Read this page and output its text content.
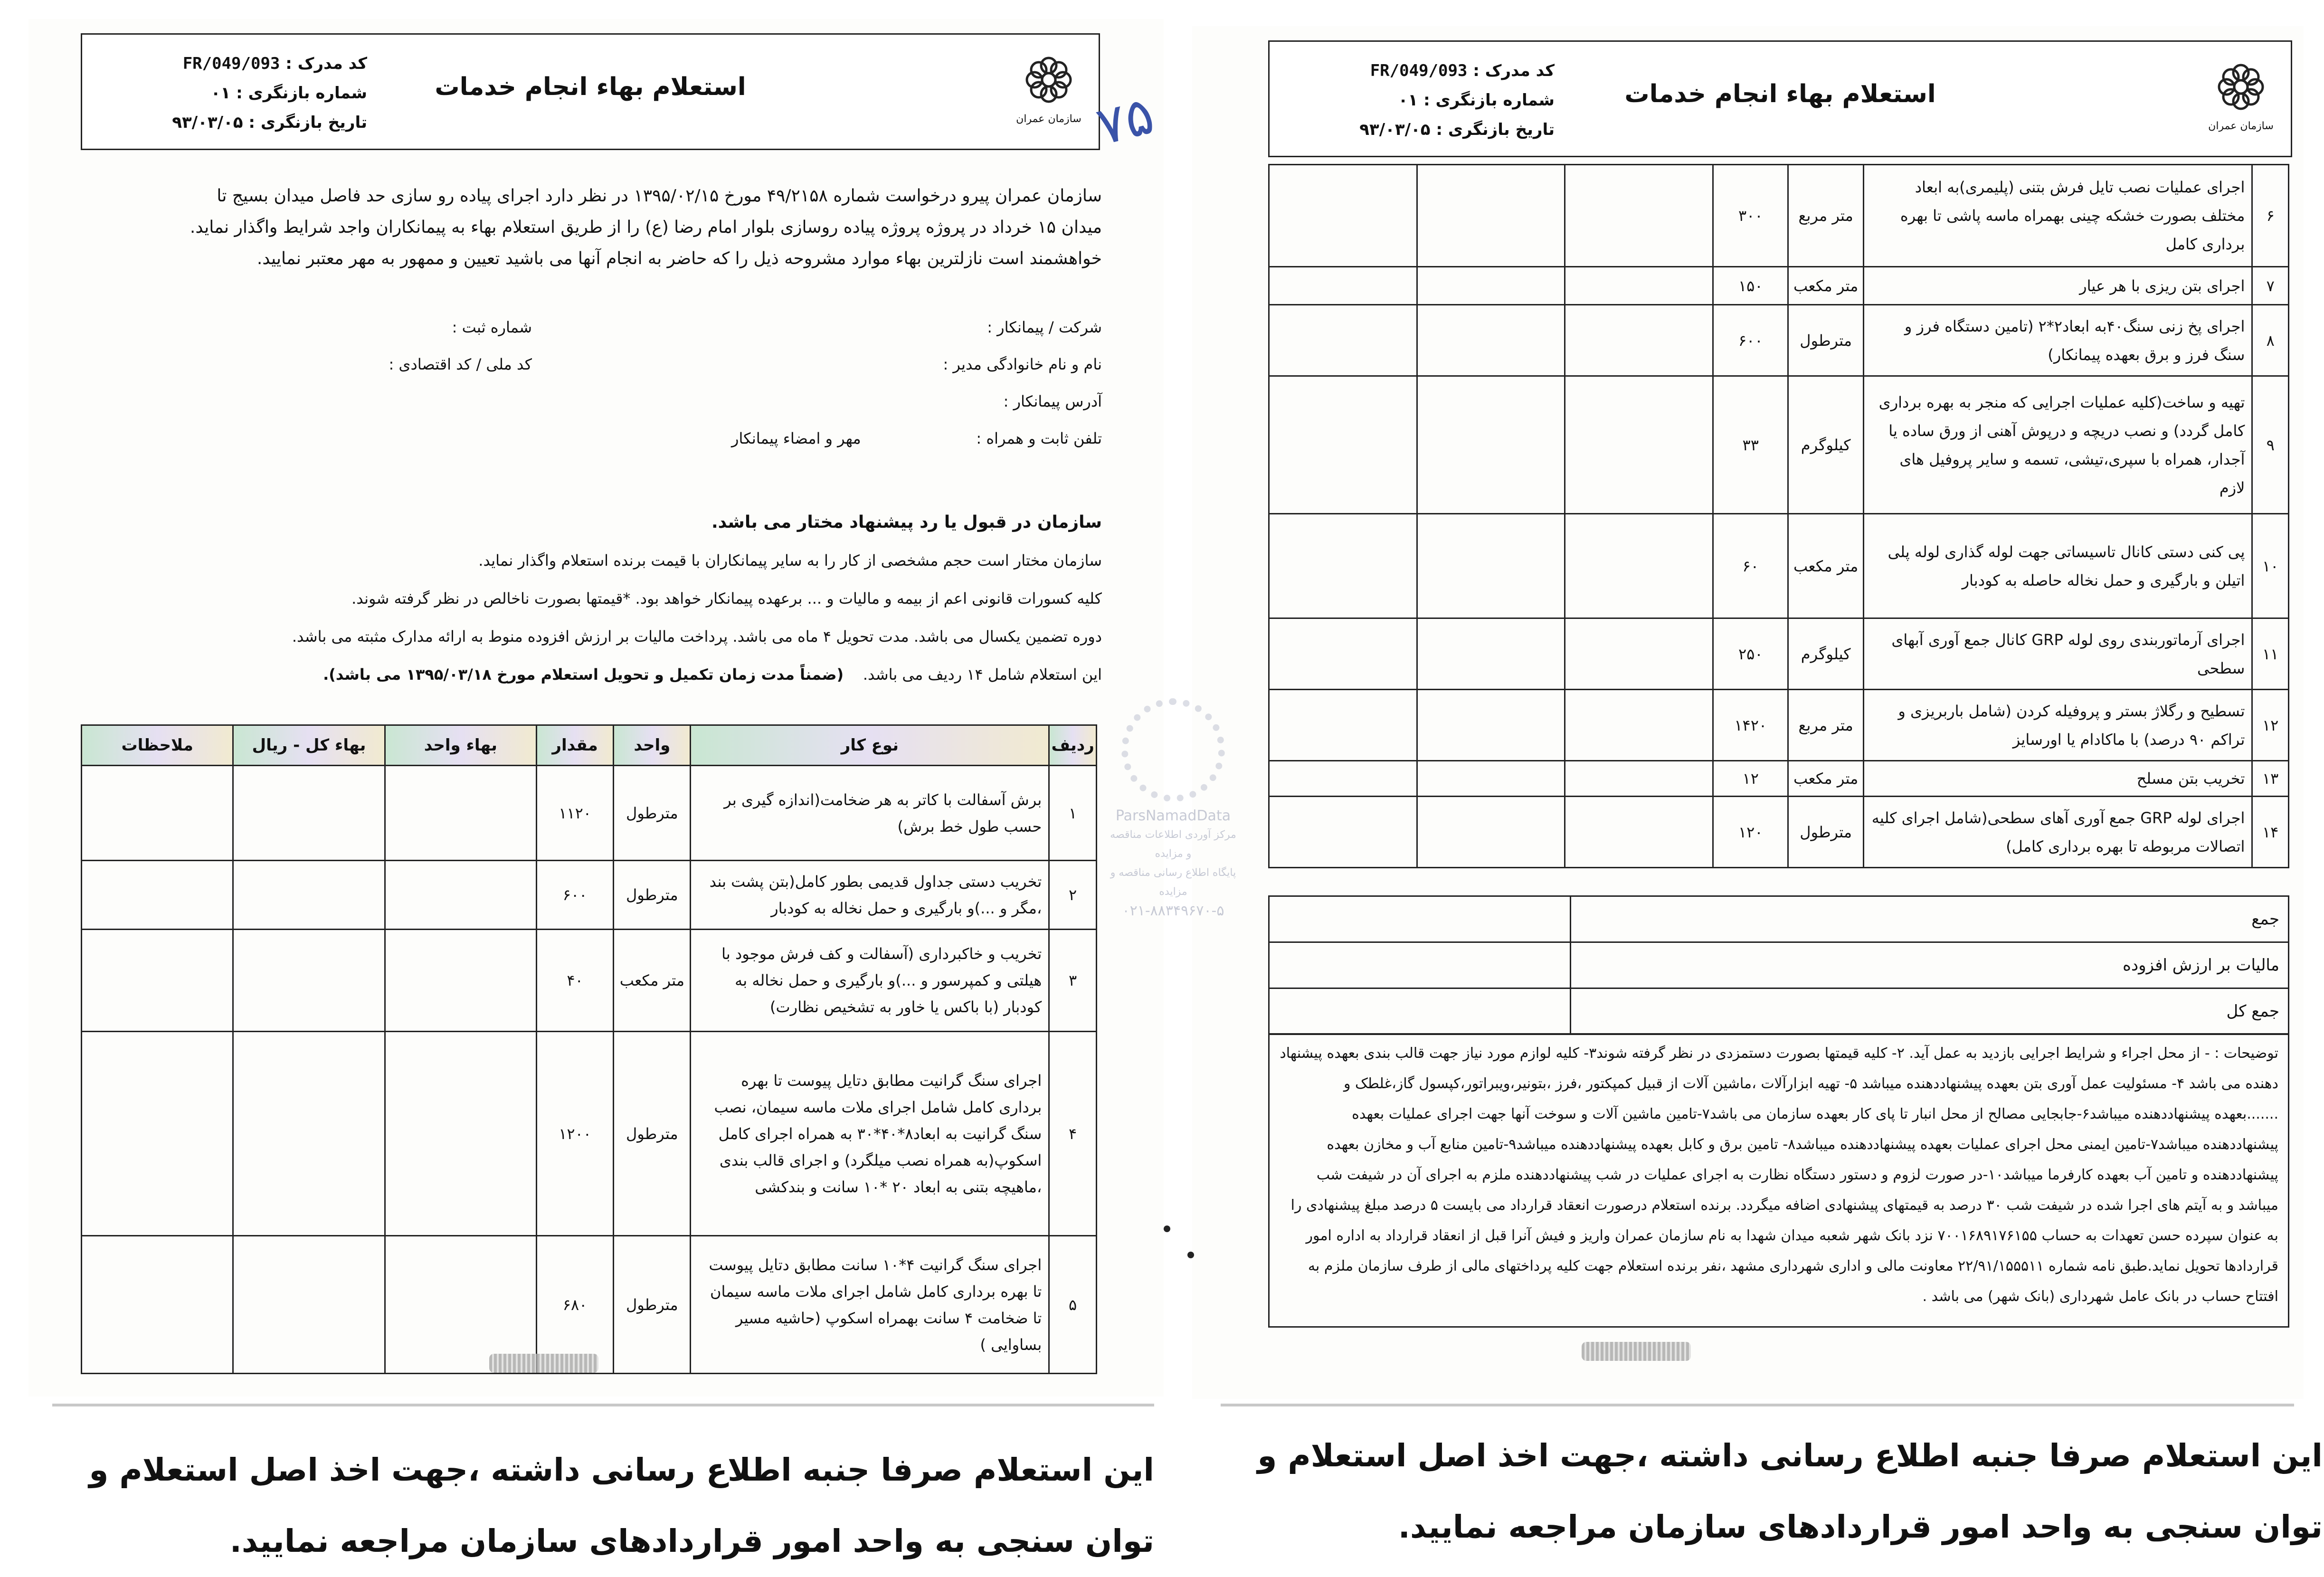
سازمان عمران
استعلام بهاء انجام خدمات
کد مدرک : FR/049/093
شماره بازنگری : ۰۱
تاریخ بازنگری : ۹۳/۰۳/۰۵	۷۵
سازمان عمران پیرو درخواست شماره ۴۹/۲۱۵۸ مورخ ۱۳۹۵/۰۲/۱۵ در نظر دارد اجرای پیاده رو سازی حد فاصل میدان بسیج تا
میدان ۱۵ خرداد در پروژه پروژه پیاده روسازی بلوار امام رضا (ع) را از طریق استعلام بهاء به پیمانکاران واجد شرایط واگذار نماید.
خواهشمند است نازلترین بهاء موارد مشروحه ذیل را که حاضر به انجام آنها می باشید تعیین و ممهور به مهر معتبر نمایید.
شرکت / پیمانکار :
شماره ثبت :
نام و نام خانوادگی مدیر :
کد ملی / کد اقتصادی :
آدرس پیمانکار :
تلفن ثابت و همراه :
مهر و امضاء پیمانکار
سازمان در قبول یا رد پیشنهاد مختار می باشد.
سازمان مختار است حجم مشخصی از کار را به سایر پیمانکاران با قیمت برنده استعلام واگذار نماید.
کلیه کسورات قانونی اعم از بیمه و مالیات و ... برعهده پیمانکار خواهد بود. *قیمتها بصورت ناخالص در نظر گرفته شوند.
دوره تضمین یکسال می باشد. مدت تحویل ۴ ماه می باشد. پرداخت مالیات بر ارزش افزوده منوط به ارائه مدارک مثبته می باشد.
این استعلام شامل ۱۴ ردیف می باشد.    (ضمناً مدت زمان تکمیل و تحویل استعلام مورخ ۱۳۹۵/۰۳/۱۸ می باشد).
ردیف	نوع کار	واحد	مقدار	بهاء واحد	بهاء کل - ریال	ملاحظات
۱	برش آسفالت با کاتر به هر ضخامت(اندازه گیری بر حسب طول خط برش)	مترطول	۱۱۲۰			
۲	تخریب دستی جداول قدیمی بطور کامل(بتن پشت بند ،مگر و ...)و بارگیری و حمل نخاله به کودبار	مترطول	۶۰۰			
۳	تخریب و خاکبرداری (آسفالت و کف فرش موجود با هیلتی و کمپرسور و ...)و بارگیری و حمل نخاله به کودبار (با باکس یا خاور به تشخیص نظارت)	متر مکعب	۴۰			
۴	اجرای سنگ گرانیت مطابق دتایل پیوست تا بهره برداری کامل شامل اجرای ملات ماسه سیمان، نصب سنگ گرانیت به ابعاد۸*۴۰*۳۰ به همراه اجرای کامل اسکوپ(به همراه نصب میلگرد) و اجرای قالب بندی ،ماهیچه بتنی به ابعاد ۲۰ *۱۰ سانت و بندکشی	مترطول	۱۲۰۰			
۵	اجرای سنگ گرانیت ۴*۱۰ سانت مطابق دتایل پیوست تا بهره برداری کامل شامل اجرای ملات ماسه سیمان تا ضخامت ۴ سانت بهمراه اسکوپ (حاشیه مسیر بساوایی )	مترطول	۶۸۰			
سازمان عمران
استعلام بهاء انجام خدمات
کد مدرک : FR/049/093
شماره بازنگری : ۰۱
تاریخ بازنگری : ۹۳/۰۳/۰۵
۶	اجرای عملیات نصب تایل فرش بتنی (پلیمری)به ابعاد مختلف بصورت خشکه چینی بهمراه ماسه پاشی تا بهره برداری کامل	متر مربع	۳۰۰			
۷	اجرای بتن ریزی با هر عیار	متر مکعب	۱۵۰			
۸	اجرای پخ زنی سنگ۴۰به ابعاد۲*۲ (تامین دستگاه فرز و سنگ فرز و برق بعهده پیمانکار)	مترطول	۶۰۰			
۹	تهیه و ساخت(کلیه عملیات اجرایی که منجر به بهره برداری کامل گردد) و نصب دریچه و درپوش آهنی از ورق ساده یا آجدار، همراه با سپری،تیشی، تسمه و سایر پروفیل های لازم	کیلوگرم	۳۳			
۱۰	پی کنی دستی کانال تاسیساتی جهت لوله گذاری لوله پلی اتیلن و بارگیری و حمل نخاله حاصله به کودبار	متر مکعب	۶۰			
۱۱	اجرای آرماتوربندی روی لوله GRP کانال جمع آوری آبهای سطحی	کیلوگرم	۲۵۰			
۱۲	تسطیح و رگلاژ بستر و پروفیله کردن (شامل باربریزی و تراکم ۹۰ درصد) با ماکادام یا اورسایز	متر مربع	۱۴۲۰			
۱۳	تخریب بتن مسلح	متر مکعب	۱۲			
۱۴	اجرای لوله GRP جمع آوری آهای سطحی(شامل اجرای کلیه اتصالات مربوطه تا بهره برداری کامل)	مترطول	۱۲۰			
جمع	
مالیات بر ارزش افزوده	
جمع کل	
توضیحات : - از محل اجراء و شرایط اجرایی بازدید به عمل آید. ۲- کلیه قیمتها بصورت دستمزدی در نظر گرفته شوند۳- کلیه لوازم مورد نیاز جهت قالب بندی بعهده پیشنهاد دهنده می باشد ۴- مسئولیت عمل آوری بتن بعهده پیشنهاددهنده میباشد ۵- تهیه ابزارآلات ،ماشین آلات از قبیل کمپکتور ،فرز ،بتونیر،ویبراتور،کپسول گاز،غلطک و .......بعهده پیشنهاددهنده میباشد۶-جابجایی مصالح از محل انبار تا پای کار بعهده سازمان می باشد۷-تامین ماشین آلات و سوخت آنها جهت اجرای عملیات بعهده پیشنهاددهنده میباشد۷-تامین ایمنی محل اجرای عملیات بعهده پیشنهاددهنده میباشد۸- تامین برق و کابل بعهده پیشنهاددهنده میباشد۹-تامین منابع آب و مخازن بعهده پیشنهاددهنده و تامین آب بعهده کارفرما میباشد۱۰-در صورت لزوم و دستور دستگاه نظارت به اجرای عملیات در شب پیشنهاددهنده ملزم به اجرای آن در شیفت شب میباشد و به آیتم های اجرا شده در شیفت شب ۳۰ درصد به قیمتهای پیشنهادی اضافه میگردد. برنده استعلام درصورت انعقاد قرارداد می بایست ۵ درصد مبلغ پیشنهادی را به عنوان سپرده حسن تعهدات به حساب ۷۰۰۱۶۸۹۱۷۶۱۵۵ نزد بانک شهر شعبه میدان شهدا به نام سازمان عمران واریز و فیش آنرا قبل از انعقاد قرارداد به اداره امور قراردادها تحویل نماید.طبق نامه شماره ۲۲/۹۱/۱۵۵۵۱۱ معاونت مالی و اداری شهرداری مشهد ،نفر برنده استعلام جهت کلیه پرداختهای مالی از طرف سازمان ملزم به افتتاح حساب در بانک عامل شهرداری (بانک شهر) می باشد .
ParsNamadData
مرکز آوردی اطلاعات مناقصه و مزایده
پایگاه اطلاع رسانی مناقصه و مزایده
۰۲۱-۸۸۳۴۹۶۷۰-۵
این استعلام صرفا جنبه اطلاع رسانی داشته ،جهت اخذ اصل استعلام و توان سنجی به واحد امور قراردادهای سازمان مراجعه نمایید.
این استعلام صرفا جنبه اطلاع رسانی داشته ،جهت اخذ اصل استعلام و توان سنجی به واحد امور قراردادهای سازمان مراجعه نمایید.
